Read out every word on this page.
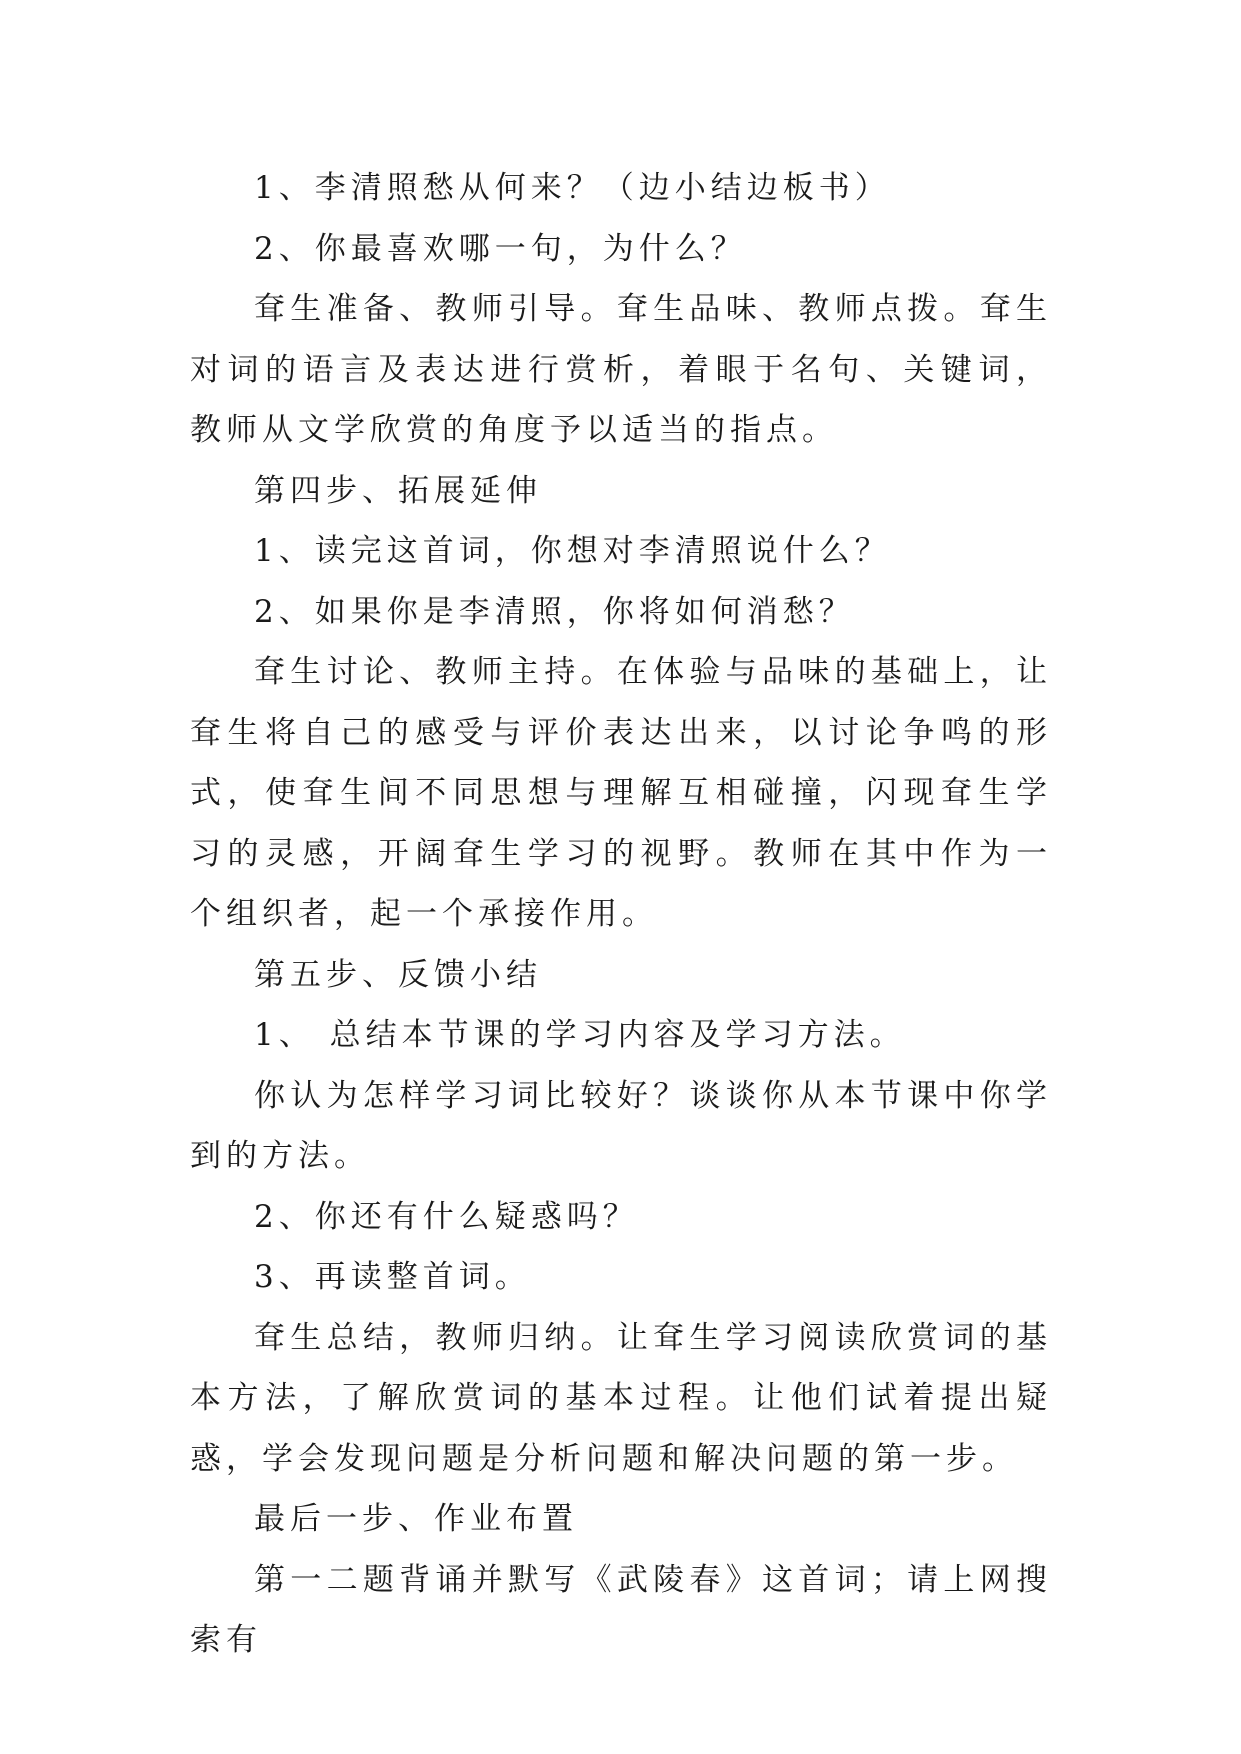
1、李清照愁从何来？（边小结边板书）

2、你最喜欢哪一句，为什么？

耷生准备、教师引导。耷生品味、教师点拨。耷生对词的语言及表达进行赏析，着眼于名句、关键词，教师从文学欣赏的角度予以适当的指点。

第四步、拓展延伸

1、读完这首词，你想对李清照说什么？

2、如果你是李清照，你将如何消愁？

耷生讨论、教师主持。在体验与品味的基础上，让耷生将自己的感受与评价表达出来，以讨论争鸣的形式，使耷生间不同思想与理解互相碰撞，闪现耷生学习的灵感，开阔耷生学习的视野。教师在其中作为一个组织者，起一个承接作用。

第五步、反馈小结

1、 总结本节课的学习内容及学习方法。

你认为怎样学习词比较好？谈谈你从本节课中你学到的方法。

2、你还有什么疑惑吗？

3、再读整首词。

耷生总结，教师归纳。让耷生学习阅读欣赏词的基本方法，了解欣赏词的基本过程。让他们试着提出疑惑，学会发现问题是分析问题和解决问题的第一步。

最后一步、作业布置

第一二题背诵并默写《武陵春》这首词；请上网搜索有
